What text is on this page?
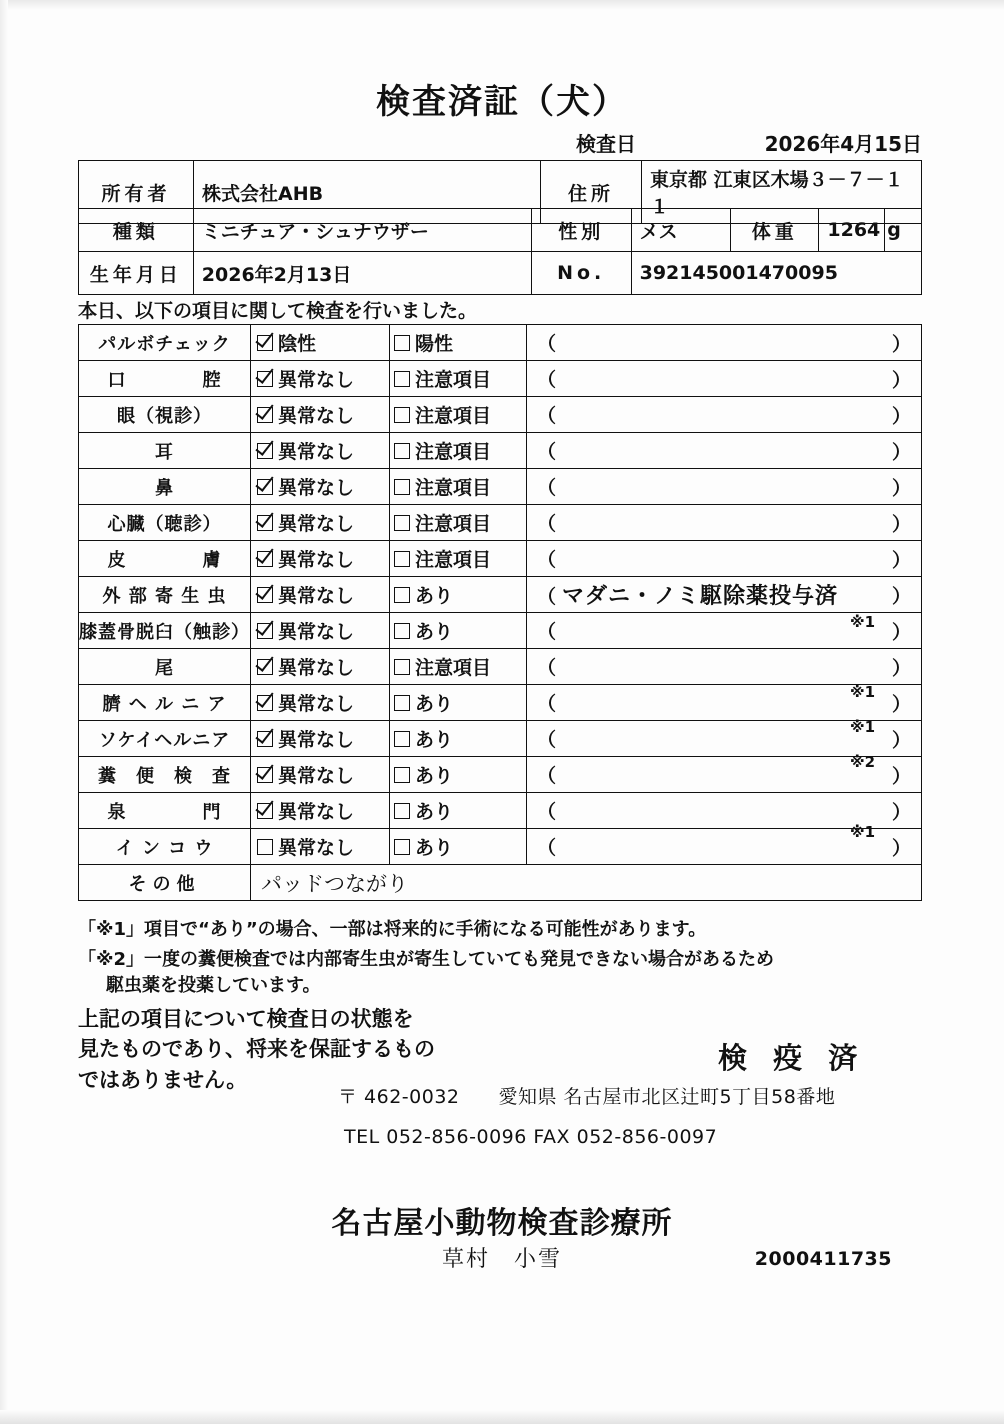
検査済証（犬）
検査日	2026年4月15日
所有者	株式会社AHB	住所	東京都 江東区木場３－７－１１
種類	ミニチュア・シュナウザー	性別	メス	体重	1264	g
生年月日	2026年2月13日	No.	392145001470095			
本日、以下の項目に関して検査を行いました。
パルボチェック	陰性	陽性	（ ）

口　　　　腔	異常なし	注意項目	（ ）

眼（視診）	異常なし	注意項目	（ ）

耳	異常なし	注意項目	（ ）

鼻	異常なし	注意項目	（ ）

心臓（聴診）	異常なし	注意項目	（ ）

皮　　　　膚	異常なし	注意項目	（ ）

外 部 寄 生 虫	異常なし	あり	（ マダニ・ノミ駆除薬投与済 ）

膝蓋骨脱臼（触診）	異常なし	あり	（ ）

尾	異常なし	注意項目	（ ）

臍 ヘ ル ニ ア	異常なし	あり	（ ）

ソケイヘルニア	異常なし	あり	（ ）

糞　便　検　査	異常なし	あり	（ ）

泉　　　　門	異常なし	あり	（ ）

イ ン コ ウ	異常なし	あり	（ ）

その他	パッドつながり		
「※1」項目で“あり”の場合、一部は将来的に手術になる可能性があります。
「※2」一度の糞便検査では内部寄生虫が寄生していても発見できない場合があるため
駆虫薬を投薬しています。
上記の項目について検査日の状態を
見たものであり、将来を保証するもの
ではありません。
検 疫 済
〒 462-0032　　愛知県 名古屋市北区辻町5丁目58番地
TEL 052-856-0096 FAX 052-856-0097
名古屋小動物検査診療所
草村　小雪	2000411735
※1
※1
※1
※2
※1
